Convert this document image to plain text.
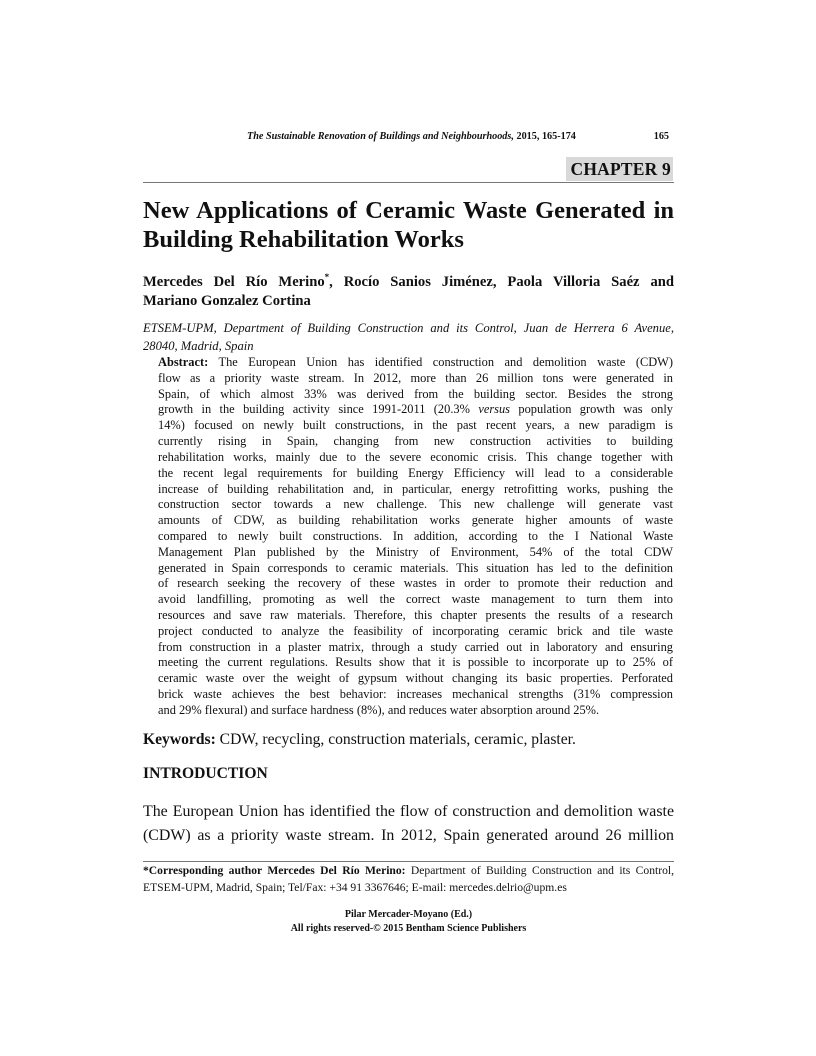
The Sustainable Renovation of Buildings and Neighbourhoods, 2015, 165-174	165
CHAPTER 9
New Applications of Ceramic Waste Generated in
Building Rehabilitation Works
Mercedes Del Río Merino*, Rocío Sanios Jiménez, Paola Villoria Saéz and
Mariano Gonzalez Cortina
ETSEM-UPM, Department of Building Construction and its Control, Juan de Herrera 6 Avenue,
28040, Madrid, Spain
Abstract: The European Union has identified construction and demolition waste (CDW)
flow as a priority waste stream. In 2012, more than 26 million tons were generated in
Spain, of which almost 33% was derived from the building sector. Besides the strong
growth in the building activity since 1991-2011 (20.3% versus population growth was only
14%) focused on newly built constructions, in the past recent years, a new paradigm is
currently rising in Spain, changing from new construction activities to building
rehabilitation works, mainly due to the severe economic crisis. This change together with
the recent legal requirements for building Energy Efficiency will lead to a considerable
increase of building rehabilitation and, in particular, energy retrofitting works, pushing the
construction sector towards a new challenge. This new challenge will generate vast
amounts of CDW, as building rehabilitation works generate higher amounts of waste
compared to newly built constructions. In addition, according to the I National Waste
Management Plan published by the Ministry of Environment, 54% of the total CDW
generated in Spain corresponds to ceramic materials. This situation has led to the definition
of research seeking the recovery of these wastes in order to promote their reduction and
avoid landfilling, promoting as well the correct waste management to turn them into
resources and save raw materials. Therefore, this chapter presents the results of a research
project conducted to analyze the feasibility of incorporating ceramic brick and tile waste
from construction in a plaster matrix, through a study carried out in laboratory and ensuring
meeting the current regulations. Results show that it is possible to incorporate up to 25% of
ceramic waste over the weight of gypsum without changing its basic properties. Perforated
brick waste achieves the best behavior: increases mechanical strengths (31% compression
and 29% flexural) and surface hardness (8%), and reduces water absorption around 25%.
Keywords: CDW, recycling, construction materials, ceramic, plaster.
INTRODUCTION
The European Union has identified the flow of construction and demolition waste
(CDW) as a priority waste stream. In 2012, Spain generated around 26 million
*Corresponding author Mercedes Del Río Merino: Department of Building Construction and its Control,
ETSEM-UPM, Madrid, Spain; Tel/Fax: +34 91 3367646; E-mail: mercedes.delrio@upm.es
Pilar Mercader-Moyano (Ed.)
All rights reserved-© 2015 Bentham Science Publishers
